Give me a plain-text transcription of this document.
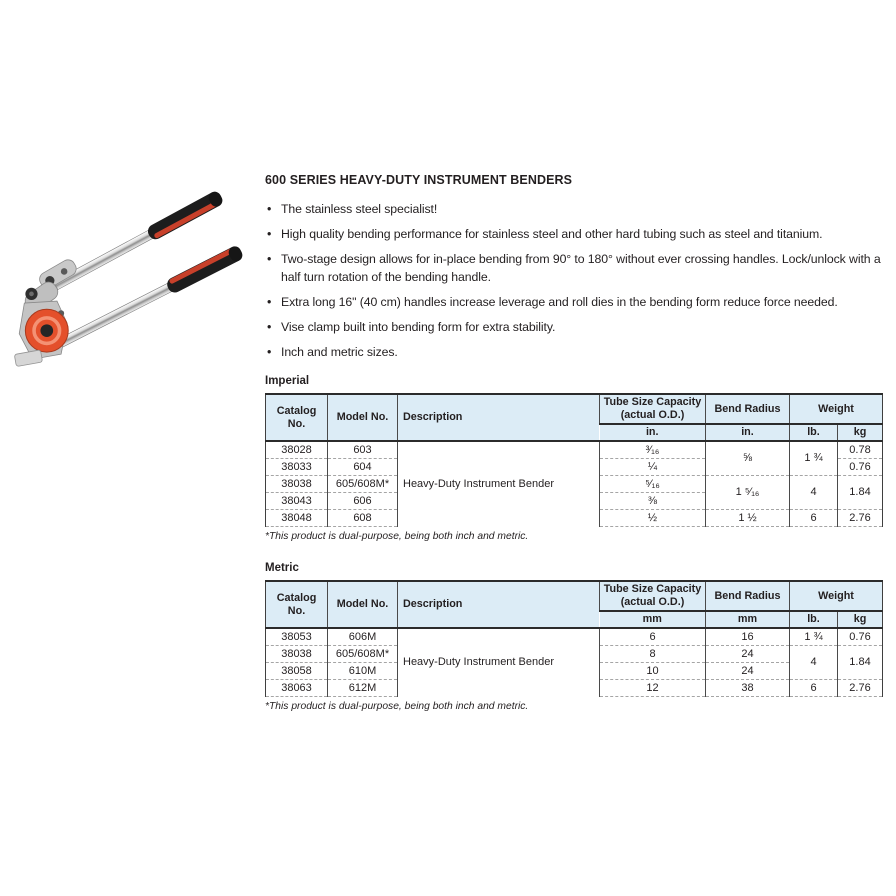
600 SERIES HEAVY-DUTY INSTRUMENT BENDERS
• The stainless steel specialist!
• High quality bending performance for stainless steel and other hard tubing such as steel and titanium.
• Two-stage design allows for in-place bending from 90° to 180° without ever crossing handles. Lock/unlock with a half turn rotation of the bending handle.
• Extra long 16" (40 cm) handles increase leverage and roll dies in the bending form reduce force needed.
• Vise clamp built into bending form for extra stability.
• Inch and metric sizes.
Imperial
Catalog No.	Model No.	Description	Tube Size Capacity (actual O.D.)	Bend Radius	Weight	
			in.	in.	lb.	kg
38028	603	Heavy-Duty Instrument Bender	³⁄₁₆	⅝	1 ¾	0.78
38033	604		¼			0.76
38038	605/608M*		⁵⁄₁₆	1 ⁵⁄₁₆	4	1.84
38043	606		⅜			
38048	608		½	1 ½	6	2.76
*This product is dual-purpose, being both inch and metric.
Metric
Catalog No.	Model No.	Description	Tube Size Capacity (actual O.D.)	Bend Radius	Weight	
			mm	mm	lb.	kg
38053	606M	Heavy-Duty Instrument Bender	6	16	1 ¾	0.76
38038	605/608M*		8	24	4	1.84
38058	610M		10	24		
38063	612M		12	38	6	2.76
*This product is dual-purpose, being both inch and metric.
